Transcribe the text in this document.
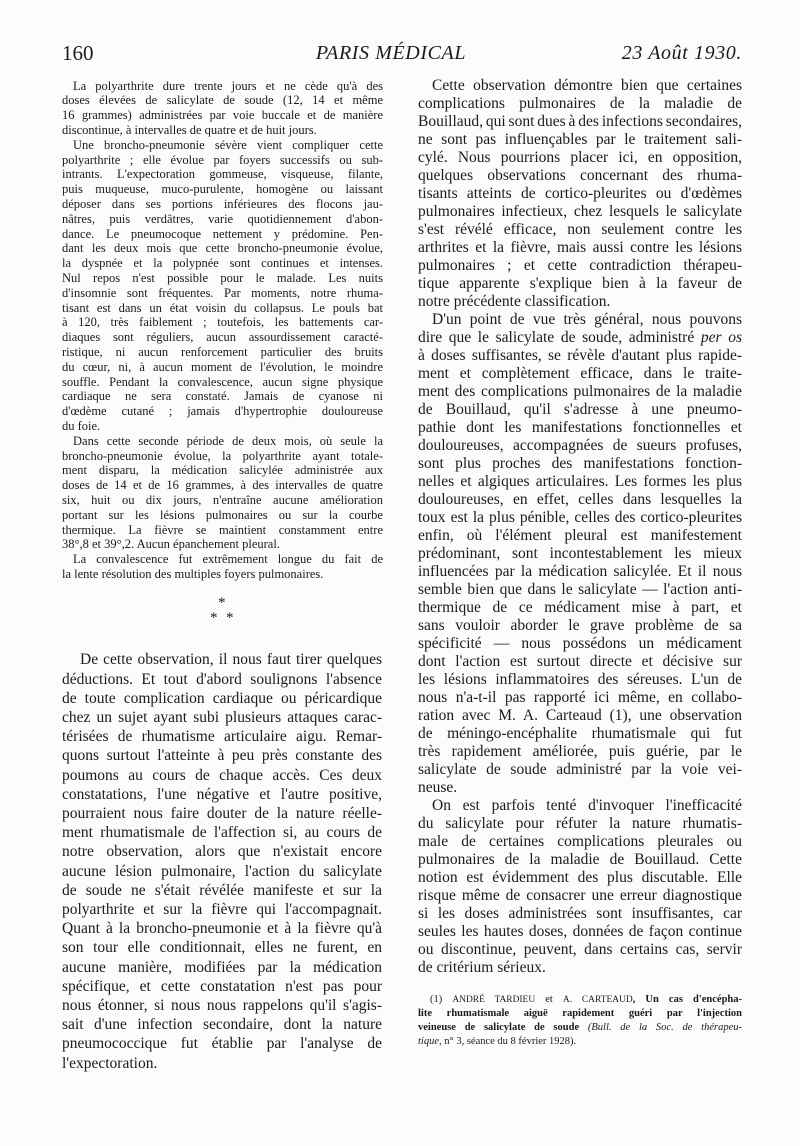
160	PARIS MÉDICAL	23 Août 1930.
La polyarthrite dure trente jours et ne cède qu'à des
doses élevées de salicylate de soude (12, 14 et même
16 grammes) administrées par voie buccale et de manière
discontinue, à intervalles de quatre et de huit jours.
Une broncho-pneumonie sévère vient compliquer cette
polyarthrite ; elle évolue par foyers successifs ou sub-
intrants. L'expectoration gommeuse, visqueuse, filante,
puis muqueuse, muco-purulente, homogène ou laissant
déposer dans ses portions inférieures des flocons jau-
nâtres, puis verdâtres, varie quotidiennement d'abon-
dance. Le pneumocoque nettement y prédomine. Pen-
dant les deux mois que cette broncho-pneumonie évolue,
la dyspnée et la polypnée sont continues et intenses.
Nul repos n'est possible pour le malade. Les nuits
d'insomnie sont fréquentes. Par moments, notre rhuma-
tisant est dans un état voisin du collapsus. Le pouls bat
à 120, très faiblement ; toutefois, les battements car-
diaques sont réguliers, aucun assourdissement caracté-
ristique, ni aucun renforcement particulier des bruits
du cœur, ni, à aucun moment de l'évolution, le moindre
souffle. Pendant la convalescence, aucun signe physique
cardiaque ne sera constaté. Jamais de cyanose ni
d'œdème cutané ; jamais d'hypertrophie douloureuse
du foie.
Dans cette seconde période de deux mois, où seule la
broncho-pneumonie évolue, la polyarthrite ayant totale-
ment disparu, la médication salicylée administrée aux
doses de 14 et de 16 grammes, à des intervalles de quatre
six, huit ou dix jours, n'entraîne aucune amélioration
portant sur les lésions pulmonaires ou sur la courbe
thermique. La fièvre se maintient constamment entre
38°,8 et 39°,2. Aucun épanchement pleural.
La convalescence fut extrêmement longue du fait de
la lente résolution des multiples foyers pulmonaires.
*
* *
De cette observation, il nous faut tirer quelques
déductions. Et tout d'abord soulignons l'absence
de toute complication cardiaque ou péricardique
chez un sujet ayant subi plusieurs attaques carac-
térisées de rhumatisme articulaire aigu. Remar-
quons surtout l'atteinte à peu près constante des
poumons au cours de chaque accès. Ces deux
constatations, l'une négative et l'autre positive,
pourraient nous faire douter de la nature réelle-
ment rhumatismale de l'affection si, au cours de
notre observation, alors que n'existait encore
aucune lésion pulmonaire, l'action du salicylate
de soude ne s'était révélée manifeste et sur la
polyarthrite et sur la fièvre qui l'accompagnait.
Quant à la broncho-pneumonie et à la fièvre qu'à
son tour elle conditionnait, elles ne furent, en
aucune manière, modifiées par la médication
spécifique, et cette constatation n'est pas pour
nous étonner, si nous nous rappelons qu'il s'agis-
sait d'une infection secondaire, dont la nature
pneumococcique fut établie par l'analyse de
l'expectoration.
Cette observation démontre bien que certaines
complications pulmonaires de la maladie de
Bouillaud, qui sont dues à des infections secondaires,
ne sont pas influençables par le traitement sali-
cylé. Nous pourrions placer ici, en opposition,
quelques observations concernant des rhuma-
tisants atteints de cortico-pleurites ou d'œdèmes
pulmonaires infectieux, chez lesquels le salicylate
s'est révélé efficace, non seulement contre les
arthrites et la fièvre, mais aussi contre les lésions
pulmonaires ; et cette contradiction thérapeu-
tique apparente s'explique bien à la faveur de
notre précédente classification.
D'un point de vue très général, nous pouvons
dire que le salicylate de soude, administré per os
à doses suffisantes, se révèle d'autant plus rapide-
ment et complètement efficace, dans le traite-
ment des complications pulmonaires de la maladie
de Bouillaud, qu'il s'adresse à une pneumo-
pathie dont les manifestations fonctionnelles et
douloureuses, accompagnées de sueurs profuses,
sont plus proches des manifestations fonction-
nelles et algiques articulaires. Les formes les plus
douloureuses, en effet, celles dans lesquelles la
toux est la plus pénible, celles des cortico-pleurites
enfin, où l'élément pleural est manifestement
prédominant, sont incontestablement les mieux
influencées par la médication salicylée. Et il nous
semble bien que dans le salicylate — l'action anti-
thermique de ce médicament mise à part, et
sans vouloir aborder le grave problème de sa
spécificité — nous possédons un médicament
dont l'action est surtout directe et décisive sur
les lésions inflammatoires des séreuses. L'un de
nous n'a-t-il pas rapporté ici même, en collabo-
ration avec M. A. Carteaud (1), une observation
de méningo-encéphalite rhumatismale qui fut
très rapidement améliorée, puis guérie, par le
salicylate de soude administré par la voie vei-
neuse.
On est parfois tenté d'invoquer l'inefficacité
du salicylate pour réfuter la nature rhumatis-
male de certaines complications pleurales ou
pulmonaires de la maladie de Bouillaud. Cette
notion est évidemment des plus discutable. Elle
risque même de consacrer une erreur diagnostique
si les doses administrées sont insuffisantes, car
seules les hautes doses, données de façon continue
ou discontinue, peuvent, dans certains cas, servir
de critérium sérieux.
(1) ANDRÉ TARDIEU et A. CARTEAUD, Un cas d'encépha-
lite rhumatismale aiguë rapidement guéri par l'injection
veineuse de salicylate de soude (Bull. de la Soc. de thérapeu-
tique, n° 3, séance du 8 février 1928).
